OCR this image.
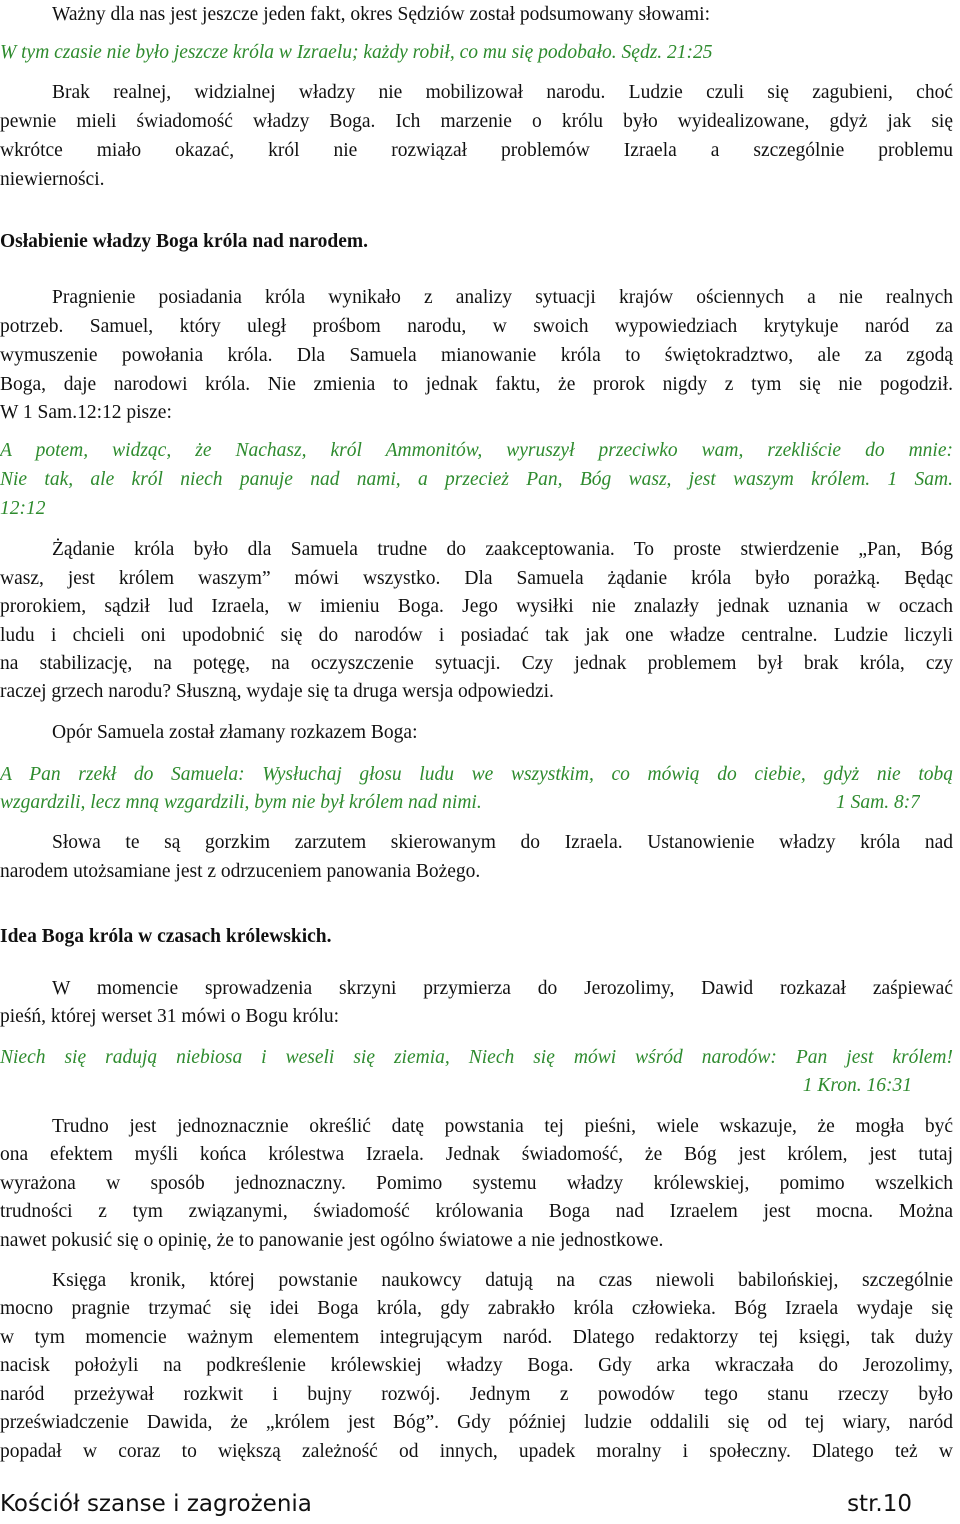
Ważny dla nas jest jeszcze jeden fakt, okres Sędziów został podsumowany słowami:
W tym czasie nie było jeszcze króla w Izraelu; każdy robił, co mu się podobało. Sędz. 21:25
Brak realnej, widzialnej władzy nie mobilizował narodu. Ludzie czuli się zagubieni, choć
pewnie mieli świadomość władzy Boga. Ich marzenie o królu było wyidealizowane, gdyż jak się
wkrótce miało okazać, król nie rozwiązał problemów Izraela a szczególnie problemu
niewierności.
Osłabienie władzy Boga króla nad narodem.
Pragnienie posiadania króla wynikało z analizy sytuacji krajów ościennych a nie realnych
potrzeb. Samuel, który uległ prośbom narodu, w swoich wypowiedziach krytykuje naród za
wymuszenie powołania króla. Dla Samuela mianowanie króla to świętokradztwo, ale za zgodą
Boga, daje narodowi króla. Nie zmienia to jednak faktu, że prorok nigdy z tym się nie pogodził.
W 1 Sam.12:12 pisze:
A potem, widząc, że Nachasz, król Ammonitów, wyruszył przeciwko wam, rzekliście do mnie:
Nie tak, ale król niech panuje nad nami, a przecież Pan, Bóg wasz, jest waszym królem. 1 Sam.
12:12
Żądanie króla było dla Samuela trudne do zaakceptowania. To proste stwierdzenie „Pan, Bóg
wasz, jest królem waszym” mówi wszystko. Dla Samuela żądanie króla było porażką. Będąc
prorokiem, sądził lud Izraela, w imieniu Boga. Jego wysiłki nie znalazły jednak uznania w oczach
ludu i chcieli oni upodobnić się do narodów i posiadać tak jak one władze centralne. Ludzie liczyli
na stabilizację, na potęgę, na oczyszczenie sytuacji. Czy jednak problemem był brak króla, czy
raczej grzech narodu? Słuszną, wydaje się ta druga wersja odpowiedzi.
Opór Samuela został złamany rozkazem Boga:
A Pan rzekł do Samuela: Wysłuchaj głosu ludu we wszystkim, co mówią do ciebie, gdyż nie tobą
wzgardzili, lecz mną wzgardzili, bym nie był królem nad nimi.	1 Sam. 8:7
Słowa te są gorzkim zarzutem skierowanym do Izraela. Ustanowienie władzy króla nad
narodem utożsamiane jest z odrzuceniem panowania Bożego.
Idea Boga króla w czasach królewskich.
W momencie sprowadzenia skrzyni przymierza do Jerozolimy, Dawid rozkazał zaśpiewać
pieśń, której werset 31 mówi o Bogu królu:
Niech się radują niebiosa i weseli się ziemia, Niech się mówi wśród narodów: Pan jest królem!
1 Kron. 16:31
Trudno jest jednoznacznie określić datę powstania tej pieśni, wiele wskazuje, że mogła być
ona efektem myśli końca królestwa Izraela. Jednak świadomość, że Bóg jest królem, jest tutaj
wyrażona w sposób jednoznaczny. Pomimo systemu władzy królewskiej, pomimo wszelkich
trudności z tym związanymi, świadomość królowania Boga nad Izraelem jest mocna. Można
nawet pokusić się o opinię, że to panowanie jest ogólno światowe a nie jednostkowe.
Księga kronik, której powstanie naukowcy datują na czas niewoli babilońskiej, szczególnie
mocno pragnie trzymać się idei Boga króla, gdy zabrakło króla człowieka. Bóg Izraela wydaje się
w tym momencie ważnym elementem integrującym naród. Dlatego redaktorzy tej księgi, tak duży
nacisk położyli na podkreślenie królewskiej władzy Boga. Gdy arka wkraczała do Jerozolimy,
naród przeżywał rozkwit i bujny rozwój. Jednym z powodów tego stanu rzeczy było
przeświadczenie Dawida, że „królem jest Bóg”. Gdy później ludzie oddalili się od tej wiary, naród
popadał w coraz to większą zależność od innych, upadek moralny i społeczny. Dlatego też w
Kościół szanse i zagrożenia	str.10
